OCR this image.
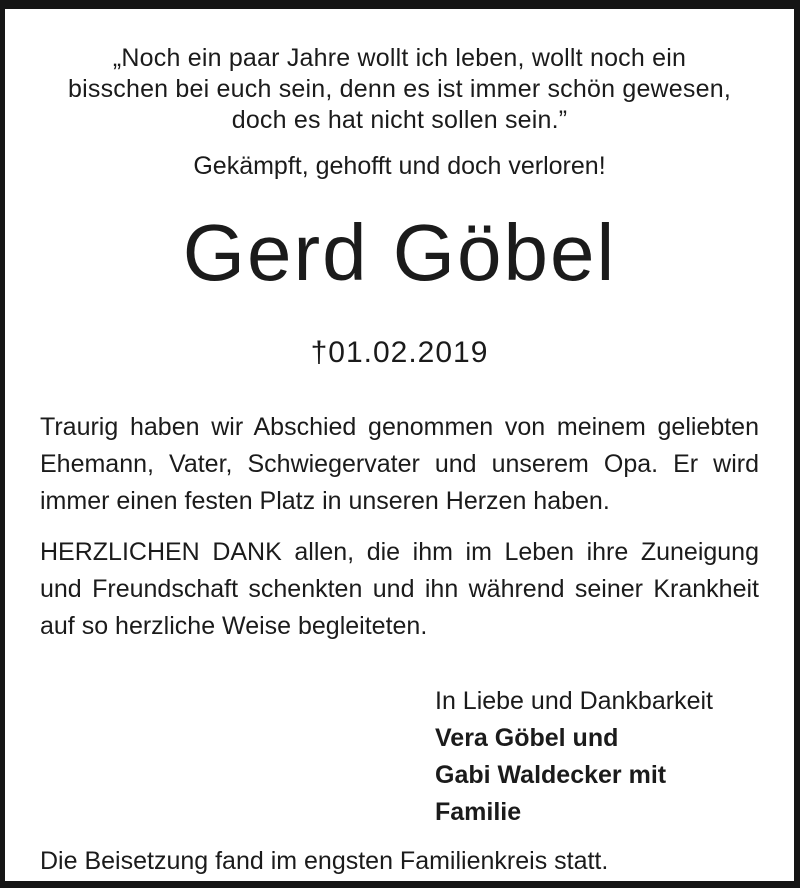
„Noch ein paar Jahre wollt ich leben, wollt noch ein
bisschen bei euch sein, denn es ist immer schön gewesen,
doch es hat nicht sollen sein.”
Gekämpft, gehofft und doch verloren!
Gerd Göbel
†01.02.2019
Traurig haben wir Abschied genommen von meinem geliebten
Ehemann, Vater, Schwiegervater und unserem Opa. Er wird
immer einen festen Platz in unseren Herzen haben.
HERZLICHEN DANK allen, die ihm im Leben ihre Zuneigung
und Freundschaft schenkten und ihn während seiner Krankheit
auf so herzliche Weise begleiteten.
In Liebe und Dankbarkeit
Vera Göbel und
Gabi Waldecker mit Familie
Die Beisetzung fand im engsten Familienkreis statt.
